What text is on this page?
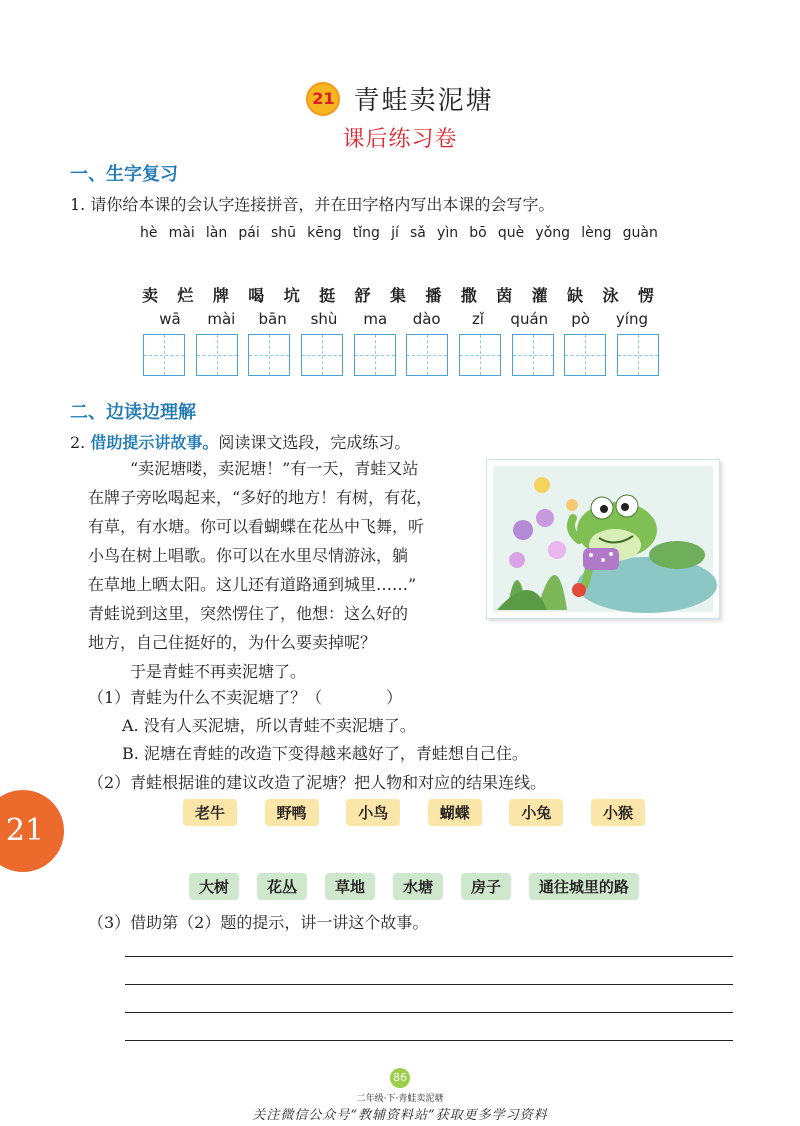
21 青蛙卖泥塘
课后练习卷
一、生字复习
1. 请你给本课的会认字连接拼音，并在田字格内写出本课的会写字。
hè mài làn pái shū kēng tǐng jí sǎ yìn bō què yǒng lèng guàn
卖 烂 牌 喝 坑 挺 舒 集 播 撒 茵 灌 缺 泳 愣
wā	mài	bān	shù	ma	dào	zǐ	quán	pò	yíng
二、边读边理解
2. 借助提示讲故事。阅读课文选段，完成练习。
“卖泥塘喽，卖泥塘！”有一天，青蛙又站
在牌子旁吆喝起来，“多好的地方！有树，有花，
有草，有水塘。你可以看蝴蝶在花丛中飞舞，听
小鸟在树上唱歌。你可以在水里尽情游泳，躺
在草地上晒太阳。这儿还有道路通到城里……”
青蛙说到这里，突然愣住了，他想：这么好的
地方，自己住挺好的，为什么要卖掉呢？
于是青蛙不再卖泥塘了。
（1）青蛙为什么不卖泥塘了？（　　　　）
A. 没有人买泥塘，所以青蛙不卖泥塘了。
B. 泥塘在青蛙的改造下变得越来越好了，青蛙想自己住。
（2）青蛙根据谁的建议改造了泥塘？把人物和对应的结果连线。
老牛	野鸭	小鸟	蝴蝶	小兔	小猴
大树	花丛	草地	水塘	房子	通往城里的路
（3）借助第（2）题的提示，讲一讲这个故事。
21
86
二年级·下·青蛙卖泥塘
关注微信公众号“教辅资料站”获取更多学习资料
